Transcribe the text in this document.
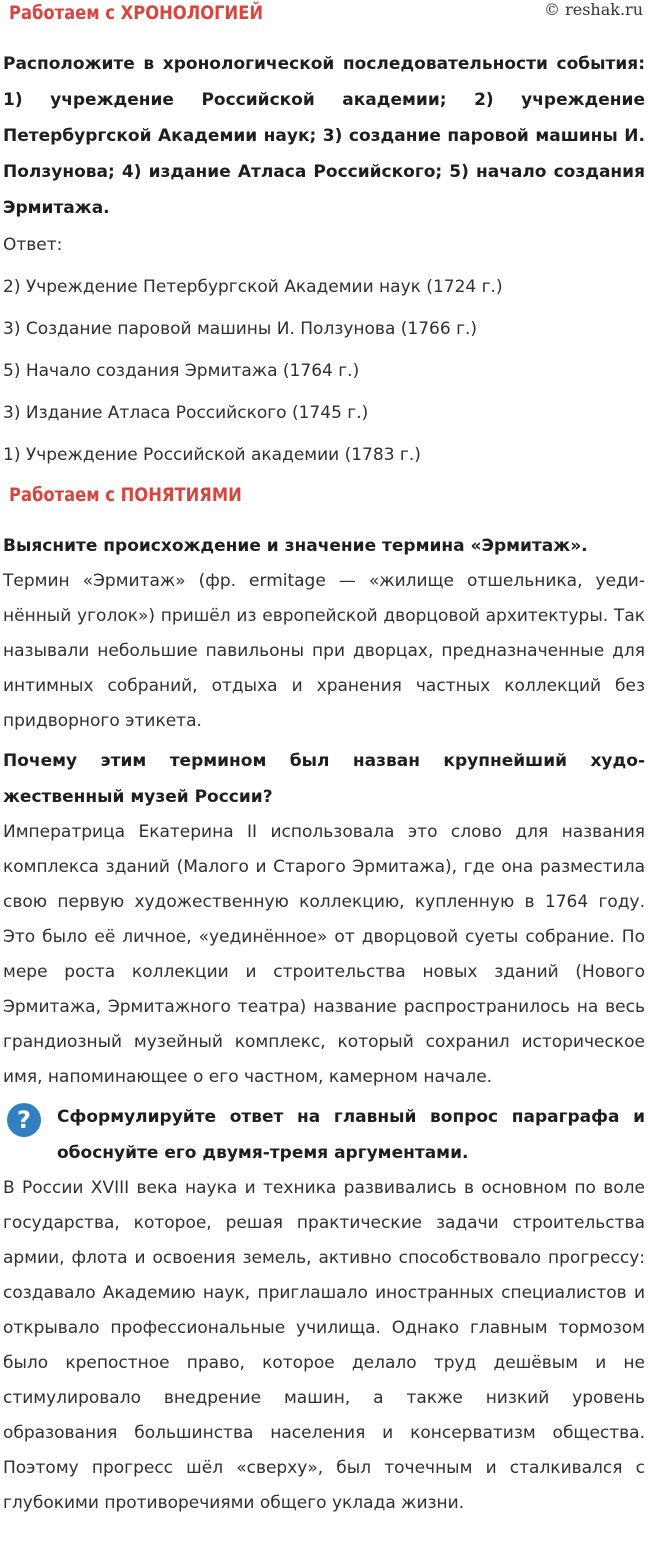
Работаем с ХРОНОЛОГИЕЙ	© reshak.ru

Расположите в хронологической последовательности события: 1) учреждение Российской академии; 2) учреждение Петербургской Академии наук; 3) создание паровой машины И. Ползунова; 4) издание Атласа Российского; 5) начало создания Эрмитажа.

Ответ:

2) Учреждение Петербургской Академии наук (1724 г.)
3) Создание паровой машины И. Ползунова (1766 г.)
5) Начало создания Эрмитажа (1764 г.)
3) Издание Атласа Российского (1745 г.)
1) Учреждение Российской академии (1783 г.)
Работаем с ПОНЯТИЯМИ

Выясните происхождение и значение термина «Эрмитаж».

Термин «Эрмитаж» (фр. ermitage — «жилище отшельника, уединённый уголок») пришёл из европейской дворцовой архитектуры. Так называли небольшие павильоны при дворцах, предназначенные для интимных собраний, отдыха и хранения частных коллекций без придворного этикета.

Почему этим термином был назван крупнейший художественный музей России?

Императрица Екатерина II использовала это слово для названия комплекса зданий (Малого и Старого Эрмитажа), где она разместила свою первую художественную коллекцию, купленную в 1764 году. Это было её личное, «уединённое» от дворцовой суеты собрание. По мере роста коллекции и строительства новых зданий (Нового Эрмитажа, Эрмитажного театра) название распространилось на весь грандиозный музейный комплекс, который сохранил историческое имя, напоминающее о его частном, камерном начале.

?	Сформулируйте ответ на главный вопрос параграфа и обоснуйте его двумя-тремя аргументами.

В России XVIII века наука и техника развивались в основном по воле государства, которое, решая практические задачи строительства армии, флота и освоения земель, активно способствовало прогрессу: создавало Академию наук, приглашало иностранных специалистов и открывало профессиональные училища. Однако главным тормозом было крепостное право, которое делало труд дешёвым и не стимулировало внедрение машин, а также низкий уровень образования большинства населения и консерватизм общества. Поэтому прогресс шёл «сверху», был точечным и сталкивался с глубокими противоречиями общего уклада жизни.
